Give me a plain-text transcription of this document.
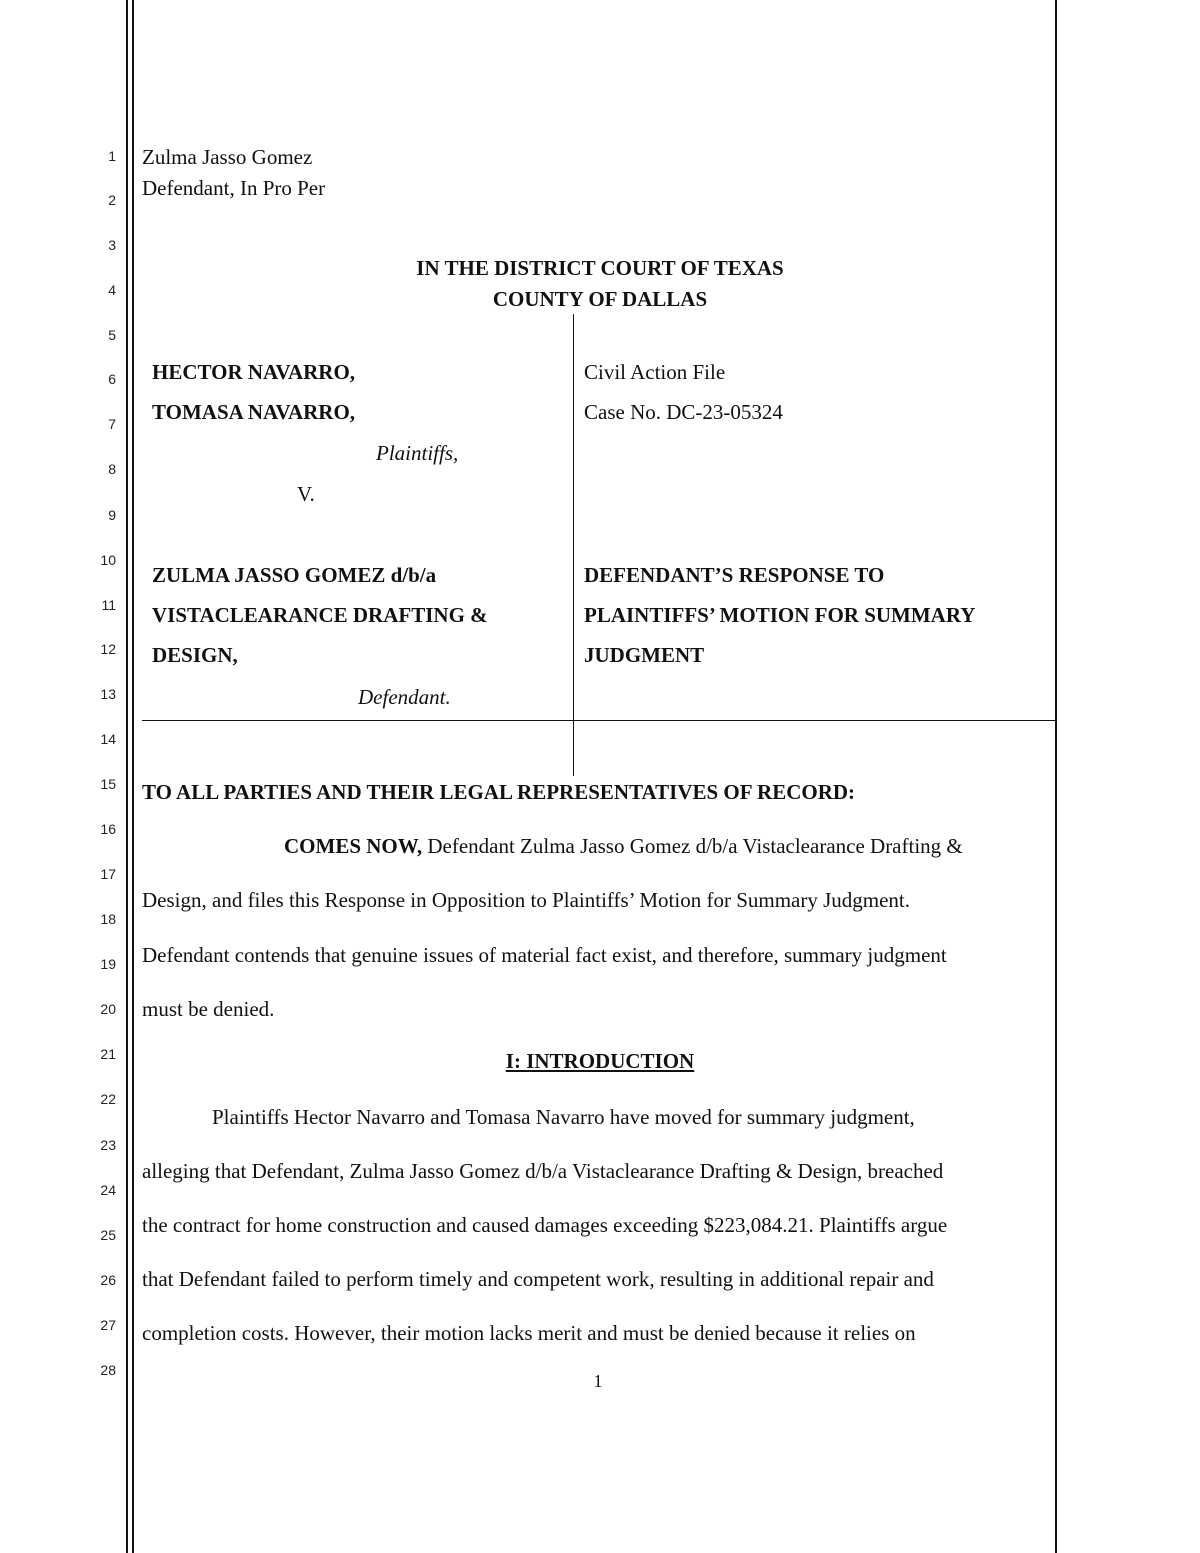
1
2
3
4
5
6
7
8
9
10
11
12
13
14
15
16
17
18
19
20
21
22
23
24
25
26
27
28
Zulma Jasso Gomez
Defendant, In Pro Per
IN THE DISTRICT COURT OF TEXAS
COUNTY OF DALLAS
HECTOR NAVARRO,
TOMASA NAVARRO,
Plaintiffs,
V.
ZULMA JASSO GOMEZ d/b/a
VISTACLEARANCE DRAFTING &
DESIGN,
Defendant.
Civil Action File
Case No. DC-23-05324
DEFENDANT’S RESPONSE TO
PLAINTIFFS’ MOTION FOR SUMMARY
JUDGMENT
TO ALL PARTIES AND THEIR LEGAL REPRESENTATIVES OF RECORD:
COMES NOW, Defendant Zulma Jasso Gomez d/b/a Vistaclearance Drafting &
Design, and files this Response in Opposition to Plaintiffs’ Motion for Summary Judgment.
Defendant contends that genuine issues of material fact exist, and therefore, summary judgment
must be denied.
I: INTRODUCTION
Plaintiffs Hector Navarro and Tomasa Navarro have moved for summary judgment,
alleging that Defendant, Zulma Jasso Gomez d/b/a Vistaclearance Drafting & Design, breached
the contract for home construction and caused damages exceeding $223,084.21. Plaintiffs argue
that Defendant failed to perform timely and competent work, resulting in additional repair and
completion costs. However, their motion lacks merit and must be denied because it relies on
1
